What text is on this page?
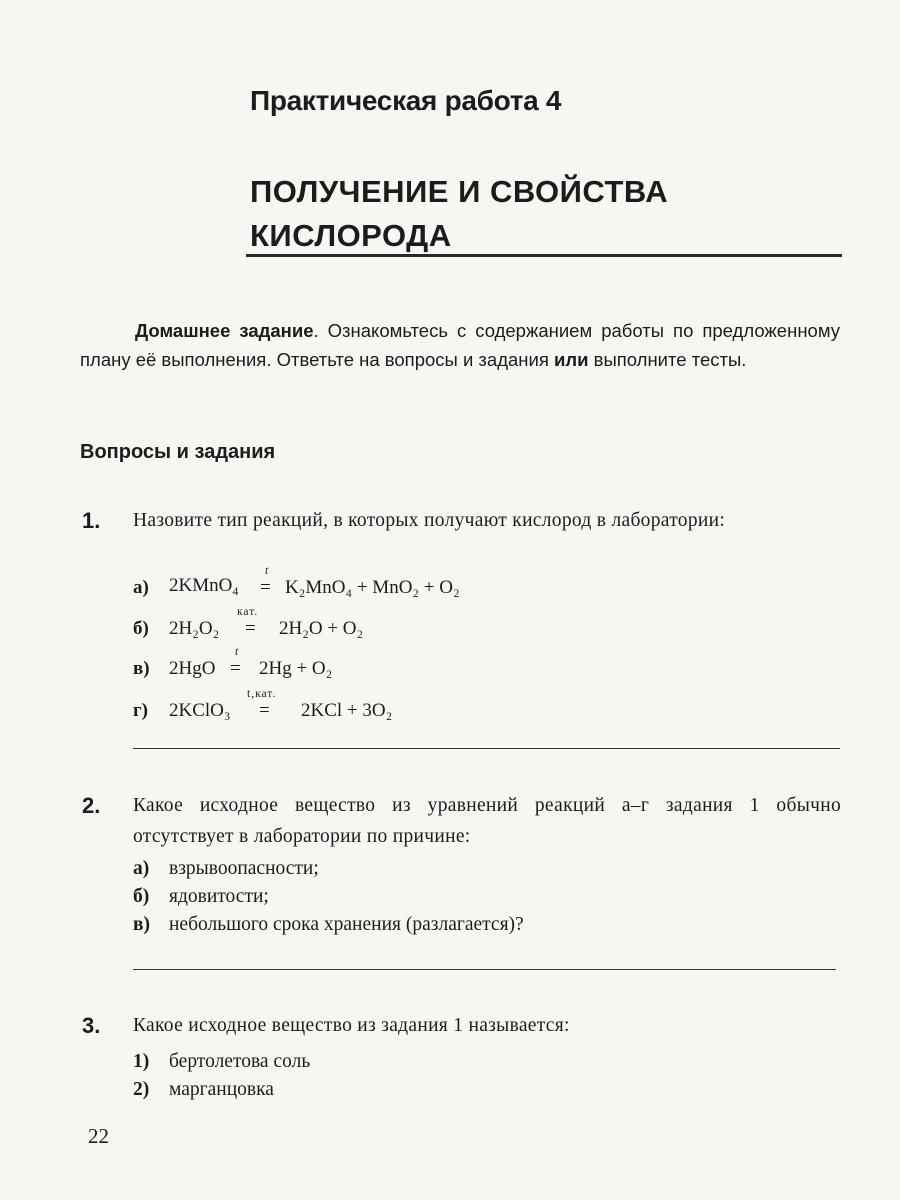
Практическая работа 4
ПОЛУЧЕНИЕ И СВОЙСТВА
КИСЛОРОДА
Домашнее задание. Ознакомьтесь с содержанием работы по предложенному плану её выполнения. Ответьте на вопросы и задания или выполните тесты.
Вопросы и задания
1. Назовите тип реакций, в которых получают кислород в лаборатории:
а) 2KMnO$_4$
t
= K₂MnO₄ + MnO₂ + O₂
б) 2H₂O₂
кат.
= 2H₂O + O₂
в) 2HgO
t
= 2Hg + O₂
г) 2KClO₃
t,кат.
= 2KCl + 3O₂
2. Какое исходное вещество из уравнений реакций а–г задания 1 обычно отсутствует в лаборатории по причине:
а) взрывоопасности;
б) ядовитости;
в) небольшого срока хранения (разлагается)?
3. Какое исходное вещество из задания 1 называется:
1) бертолетова соль
2) марганцовка
22
